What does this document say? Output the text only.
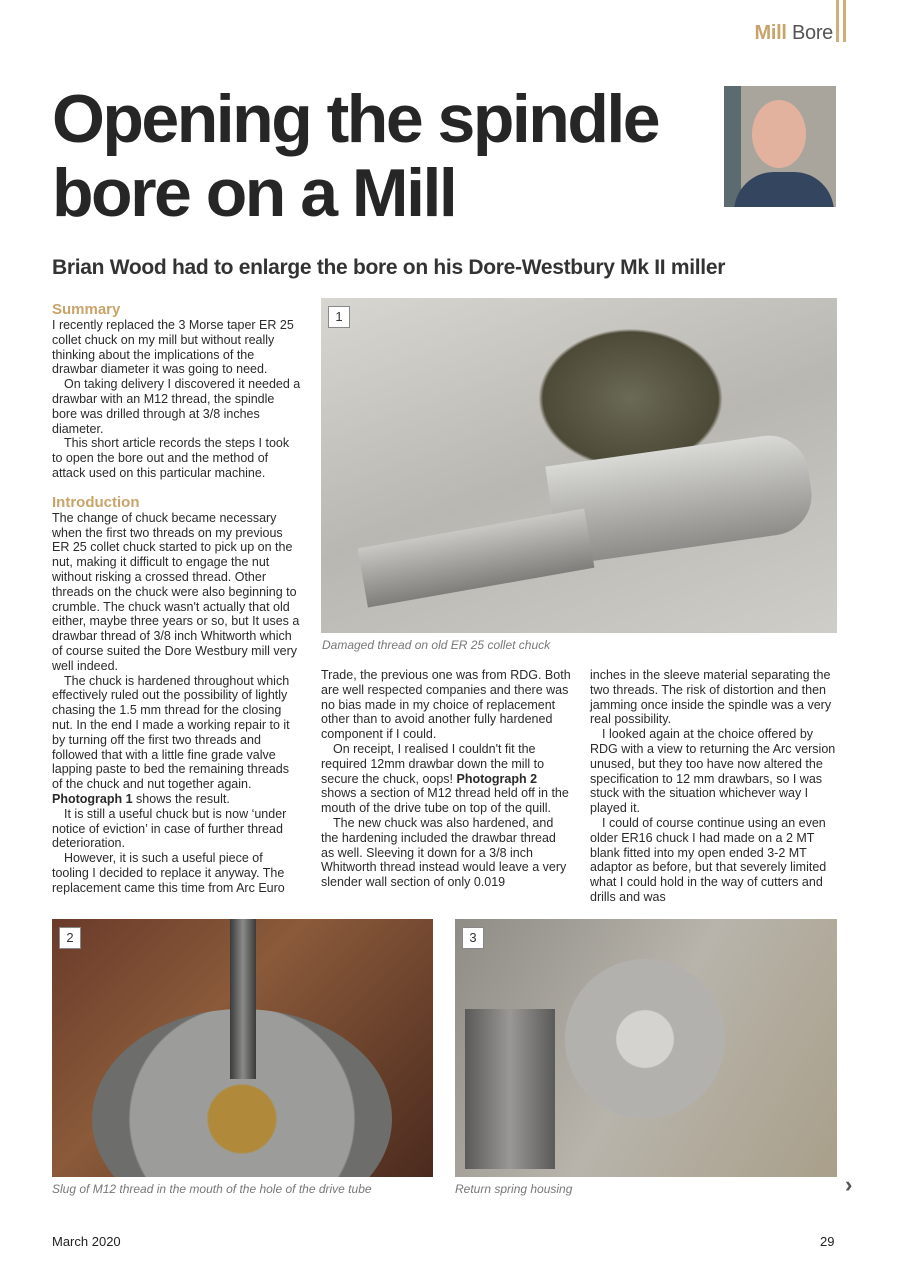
Mill Bore
Opening the spindle bore on a Mill
Brian Wood had to enlarge the bore on his Dore-Westbury Mk II miller
Summary

I recently replaced the 3 Morse taper ER 25 collet chuck on my mill but without really thinking about the implications of the drawbar diameter it was going to need.

On taking delivery I discovered it needed a drawbar with an M12 thread, the spindle bore was drilled through at 3/8 inches diameter.

This short article records the steps I took to open the bore out and the method of attack used on this particular machine.

Introduction

The change of chuck became necessary when the first two threads on my previous ER 25 collet chuck started to pick up on the nut, making it difficult to engage the nut without risking a crossed thread. Other threads on the chuck were also beginning to crumble. The chuck wasn't actually that old either, maybe three years or so, but It uses a drawbar thread of 3/8 inch Whitworth which of course suited the Dore Westbury mill very well indeed.

The chuck is hardened throughout which effectively ruled out the possibility of lightly chasing the 1.5 mm thread for the closing nut. In the end I made a working repair to it by turning off the first two threads and followed that with a little fine grade valve lapping paste to bed the remaining threads of the chuck and nut together again. Photograph 1 shows the result.

It is still a useful chuck but is now ‘under notice of eviction’ in case of further thread deterioration.

However, it is such a useful piece of tooling I decided to replace it anyway. The replacement came this time from Arc Euro

1
Damaged thread on old ER 25 collet chuck

Trade, the previous one was from RDG. Both are well respected companies and there was no bias made in my choice of replacement other than to avoid another fully hardened component if I could.

On receipt, I realised I couldn't fit the required 12mm drawbar down the mill to secure the chuck, oops! Photograph 2 shows a section of M12 thread held off in the mouth of the drive tube on top of the quill.

The new chuck was also hardened, and the hardening included the drawbar thread as well. Sleeving it down for a 3/8 inch Whitworth thread instead would leave a very slender wall section of only 0.019

inches in the sleeve material separating the two threads. The risk of distortion and then jamming once inside the spindle was a very real possibility.

I looked again at the choice offered by RDG with a view to returning the Arc version unused, but they too have now altered the specification to 12 mm drawbars, so I was stuck with the situation whichever way I played it.

I could of course continue using an even older ER16 chuck I had made on a 2 MT blank fitted into my open ended 3-2 MT adaptor as before, but that severely limited what I could hold in the way of cutters and drills and was

2
Slug of M12 thread in the mouth of the hole of the drive tube
3
Return spring housing	›
March 2020	29
